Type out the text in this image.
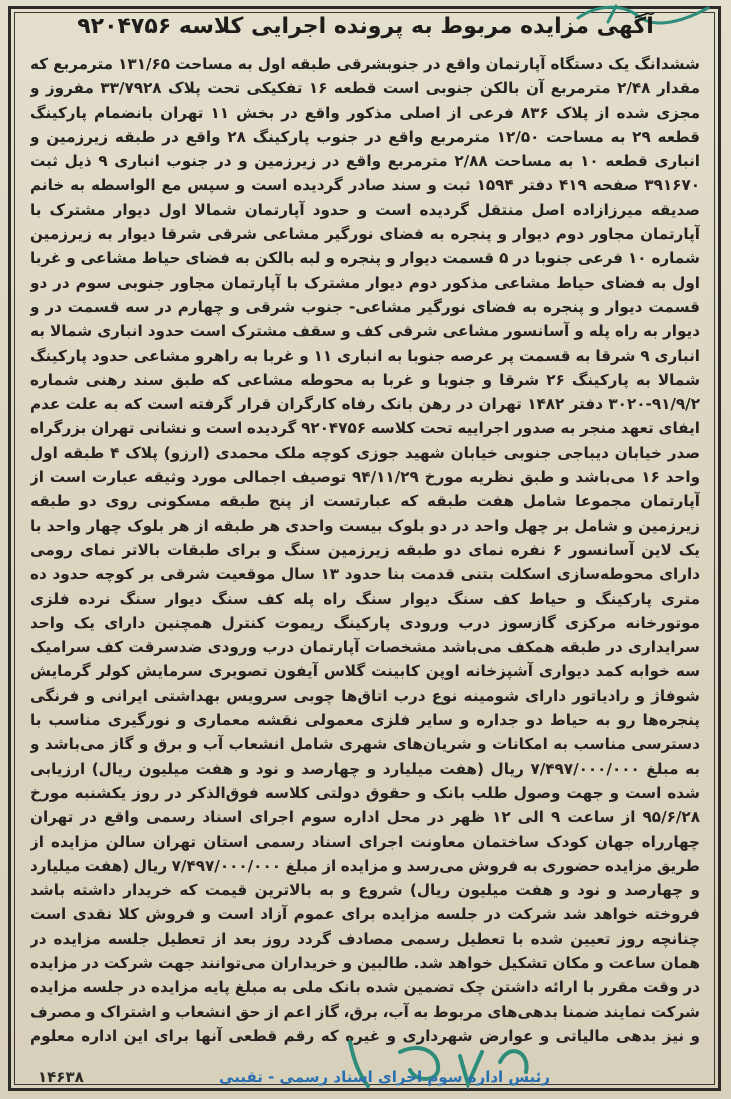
آگهی مزایده مربوط به پرونده اجرایی کلاسه ۹۲۰۴۷۵۶
ششدانگ یک دستگاه آپارتمان واقع در جنوبشرقی طبقه اول به مساحت ۱۳۱/۶۵ مترمربع که مقدار ۲/۴۸ مترمربع آن بالکن جنوبی است قطعه ۱۶ تفکیکی تحت پلاک ۳۳/۷۹۲۸ مفروز و مجزی شده از پلاک ۸۳۶ فرعی از اصلی مذکور واقع در بخش ۱۱ تهران بانضمام پارکینگ قطعه ۲۹ به مساحت ۱۲/۵۰ مترمربع واقع در جنوب پارکینگ ۲۸ واقع در طبقه زیرزمین و انباری قطعه ۱۰ به مساحت ۲/۸۸ مترمربع واقع در زیرزمین و در جنوب انباری ۹ ذیل ثبت ۳۹۱۶۷۰ صفحه ۴۱۹ دفتر ۱۵۹۴ ثبت و سند صادر گردیده است و سپس مع الواسطه به خانم صدیقه میرزازاده اصل منتقل گردیده است و حدود آپارتمان شمالا اول دیوار مشترک با آپارتمان مجاور دوم دیوار و پنجره به فضای نورگیر مشاعی شرقی شرقا دیوار به زیرزمین شماره ۱۰ فرعی جنوبا در ۵ قسمت دیوار و پنجره و لبه بالکن به فضای حیاط مشاعی و غربا اول به فضای حیاط مشاعی مذکور دوم دیوار مشترک با آپارتمان مجاور جنوبی سوم در دو قسمت دیوار و پنجره به فضای نورگیر مشاعی- جنوب شرقی و چهارم در سه قسمت در و دیوار به راه پله و آسانسور مشاعی شرقی کف و سقف مشترک است حدود انباری شمالا به انباری ۹ شرقا به قسمت پر عرصه جنوبا به انباری ۱۱ و غربا به راهرو مشاعی حدود پارکینگ شمالا به پارکینگ ۲۶ شرقا و جنوبا و غربا به محوطه مشاعی که طبق سند رهنی شماره ۹۱/۹/۲-۳۰۲۰ دفتر ۱۴۸۲ تهران در رهن بانک رفاه کارگران قرار گرفته است که به علت عدم ایفای تعهد منجر به صدور اجراییه تحت کلاسه ۹۲۰۴۷۵۶ گردیده است و نشانی تهران بزرگراه صدر خیابان دیباجی جنوبی خیابان شهید جوزی کوچه ملک محمدی (ارزو) پلاک ۴ طبقه اول واحد ۱۶ می‌باشد و طبق نظریه مورخ ۹۴/۱۱/۲۹ توصیف اجمالی مورد وثیقه عبارت است از آپارتمان مجموعا شامل هفت طبقه که عبارتست از پنج طبقه مسکونی روی دو طبقه زیرزمین و شامل بر چهل واحد در دو بلوک بیست واحدی هر طبقه از هر بلوک چهار واحد با یک لاین آسانسور ۶ نفره نمای دو طبقه زیرزمین سنگ و برای طبقات بالاتر نمای رومی دارای محوطه‌سازی اسکلت بتنی قدمت بنا حدود ۱۳ سال موقعیت شرقی بر کوچه حدود ده متری پارکینگ و حیاط کف سنگ دیوار سنگ راه پله کف سنگ دیوار سنگ نرده فلزی موتورخانه مرکزی گازسوز درب ورودی پارکینگ ریموت کنترل همچنین دارای یک واحد سرایداری در طبقه همکف می‌باشد مشخصات آپارتمان درب ورودی ضدسرقت کف سرامیک سه خوابه کمد دیواری آشپزخانه اوپن کابینت گلاس آیفون تصویری سرمایش کولر گرمایش شوفاژ و رادیاتور دارای شومینه نوع درب اتاق‌ها چوبی سرویس بهداشتی ایرانی و فرنگی پنجره‌ها رو به حیاط دو جداره و سایر فلزی معمولی نقشه معماری و نورگیری مناسب با دسترسی مناسب به امکانات و شریان‌های شهری شامل انشعاب آب و برق و گاز می‌باشد و به مبلغ ۷/۴۹۷/۰۰۰/۰۰۰ ریال (هفت میلیارد و چهارصد و نود و هفت میلیون ریال) ارزیابی شده است و جهت وصول طلب بانک و حقوق دولتی کلاسه فوق‌الذکر در روز یکشنبه مورخ ۹۵/۶/۲۸ از ساعت ۹ الی ۱۲ ظهر در محل اداره سوم اجرای اسناد رسمی واقع در تهران چهارراه جهان کودک ساختمان معاونت اجرای اسناد رسمی استان تهران سالن مزایده از طریق مزایده حضوری به فروش می‌رسد و مزایده از مبلغ ۷/۴۹۷/۰۰۰/۰۰۰ ریال (هفت میلیارد و چهارصد و نود و هفت میلیون ریال) شروع و به بالاترین قیمت که خریدار داشته باشد فروخته خواهد شد شرکت در جلسه مزایده برای عموم آزاد است و فروش کلا نقدی است چنانچه روز تعیین شده با تعطیل رسمی مصادف گردد روز بعد از تعطیل جلسه مزایده در همان ساعت و مکان تشکیل خواهد شد. طالبین و خریداران می‌توانند جهت شرکت در مزایده در وقت مقرر با ارائه داشتن چک تضمین شده بانک ملی به مبلغ پایه مزایده در جلسه مزایده شرکت نمایند ضمنا بدهی‌های مربوط به آب، برق، گاز اعم از حق انشعاب و اشتراک و مصرف و نیز بدهی مالیاتی و عوارض شهرداری و غیره که رقم قطعی آنها برای این اداره معلوم
رئیس اداره سوم اجرای اسناد رسمی - تقیبی
۱۴۶۳۸
